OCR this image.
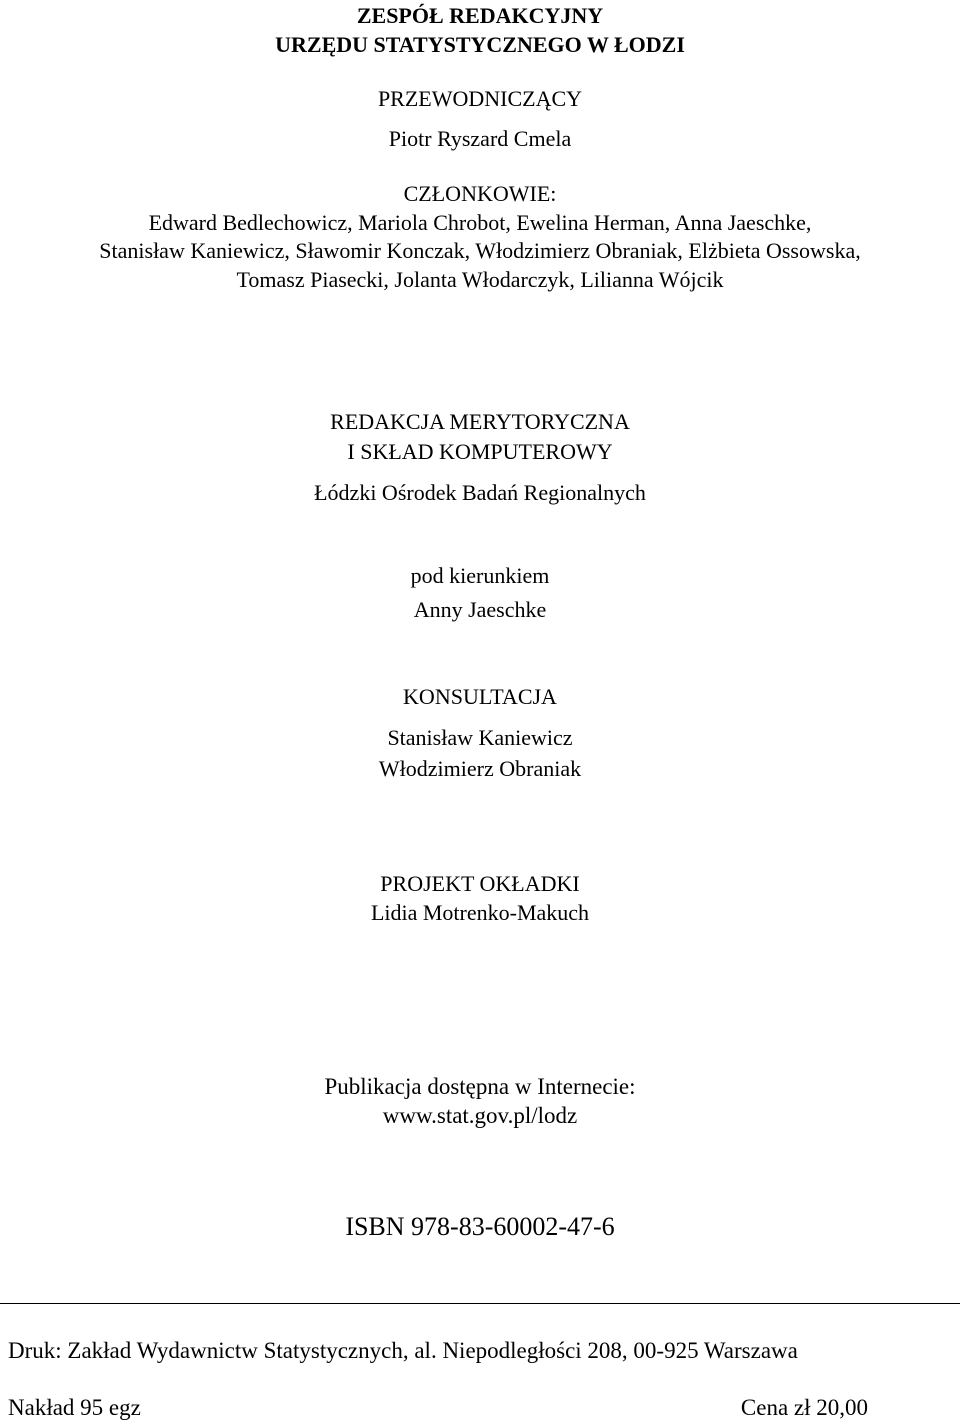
ZESPÓŁ REDAKCYJNY
URZĘDU STATYSTYCZNEGO W ŁODZI
PRZEWODNICZĄCY
Piotr Ryszard Cmela
CZŁONKOWIE:
Edward Bedlechowicz, Mariola Chrobot, Ewelina Herman, Anna Jaeschke,
Stanisław Kaniewicz, Sławomir Konczak, Włodzimierz Obraniak, Elżbieta Ossowska,
Tomasz Piasecki, Jolanta Włodarczyk, Lilianna Wójcik
REDAKCJA MERYTORYCZNA
I SKŁAD KOMPUTEROWY
Łódzki Ośrodek Badań Regionalnych
pod kierunkiem
Anny Jaeschke
KONSULTACJA
Stanisław Kaniewicz
Włodzimierz Obraniak
PROJEKT OKŁADKI
Lidia Motrenko-Makuch
Publikacja dostępna w Internecie:
www.stat.gov.pl/lodz
ISBN 978-83-60002-47-6
Druk: Zakład Wydawnictw Statystycznych, al. Niepodległości 208, 00-925 Warszawa
Nakład 95 egz	Cena zł 20,00
